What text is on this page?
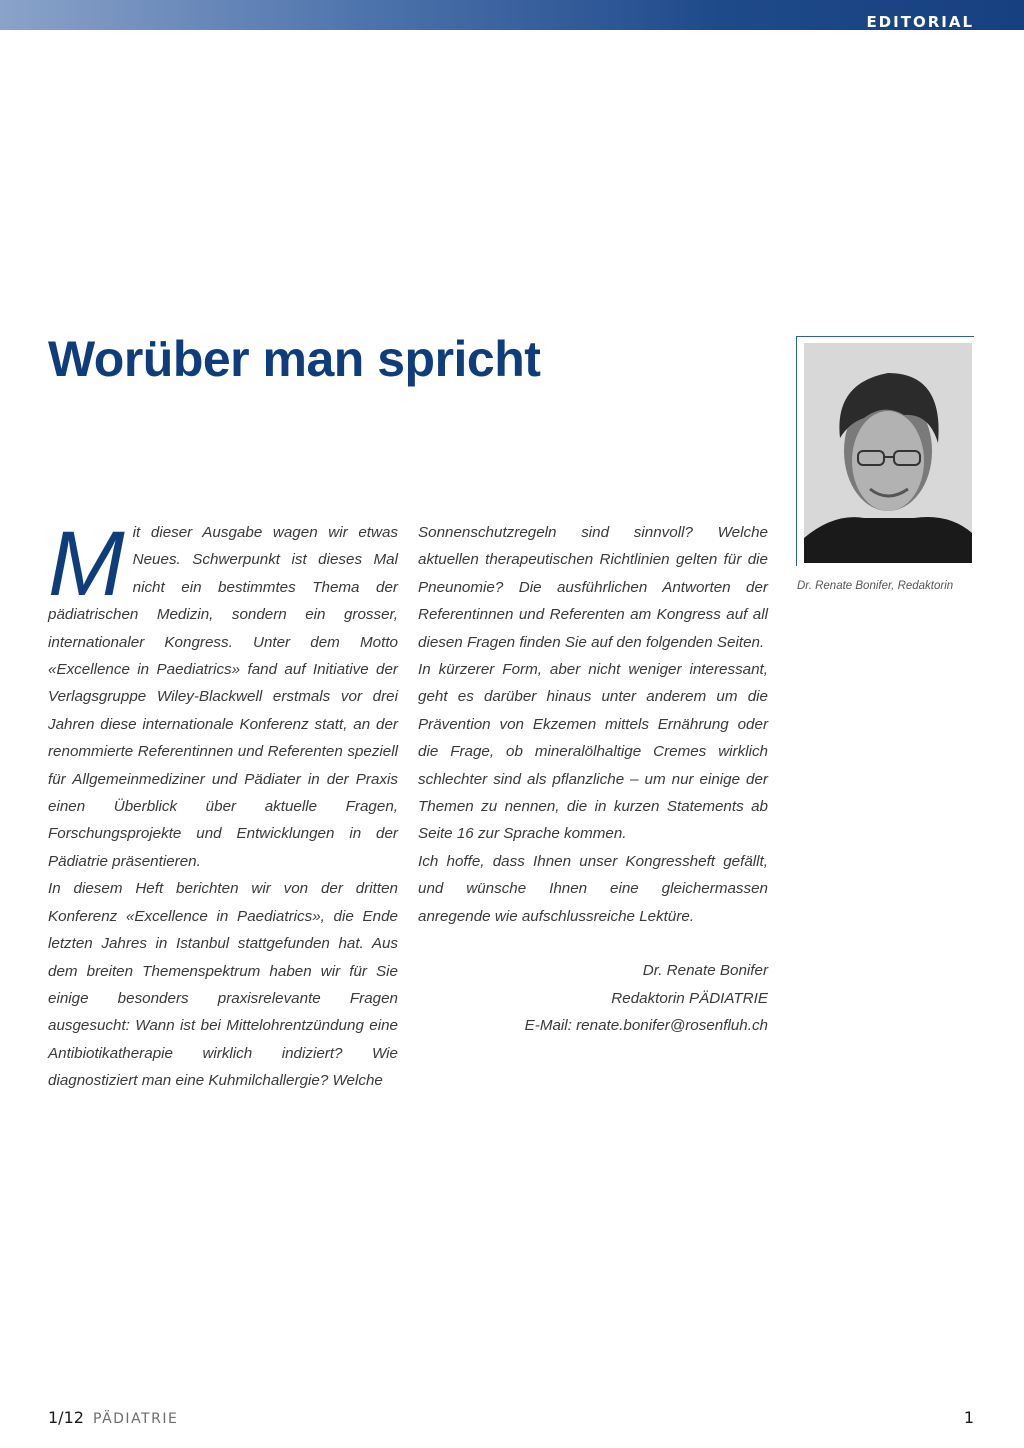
EDITORIAL
Worüber man spricht

Mit dieser Ausgabe wagen wir etwas Neues. Schwerpunkt ist dieses Mal nicht ein bestimmtes Thema der pädiatrischen Medizin, sondern ein grosser, internationaler Kongress. Unter dem Motto «Excellence in Paediatrics» fand auf Initiative der Verlagsgruppe Wiley-Blackwell erstmals vor drei Jahren diese internationale Konferenz statt, an der renommierte Referentinnen und Referenten speziell für Allgemeinmediziner und Pädiater in der Praxis einen Überblick über aktuelle Fragen, Forschungsprojekte und Entwicklungen in der Pädiatrie präsentieren.

In diesem Heft berichten wir von der dritten Konferenz «Excellence in Paediatrics», die Ende letzten Jahres in Istanbul stattgefunden hat. Aus dem breiten Themenspektrum haben wir für Sie einige besonders praxisrelevante Fragen ausgesucht: Wann ist bei Mittelohrentzündung eine Antibiotikatherapie wirklich indiziert? Wie diagnostiziert man eine Kuhmilchallergie? Welche

Sonnenschutzregeln sind sinnvoll? Welche aktuellen therapeutischen Richtlinien gelten für die Pneunomie? Die ausführlichen Antworten der Referentinnen und Referenten am Kongress auf all diesen Fragen finden Sie auf den folgenden Seiten.

In kürzerer Form, aber nicht weniger interessant, geht es darüber hinaus unter anderem um die Prävention von Ekzemen mittels Ernährung oder die Frage, ob mineralölhaltige Cremes wirklich schlechter sind als pflanzliche – um nur einige der Themen zu nennen, die in kurzen Statements ab Seite 16 zur Sprache kommen.

Ich hoffe, dass Ihnen unser Kongressheft gefällt, und wünsche Ihnen eine gleichermassen anregende wie aufschlussreiche Lektüre.

Dr. Renate Bonifer
Redaktorin PÄDIATRIE
E-Mail: renate.bonifer@rosenfluh.ch
Dr. Renate Bonifer, Redaktorin
1/12 PÄDIATRIE	1
